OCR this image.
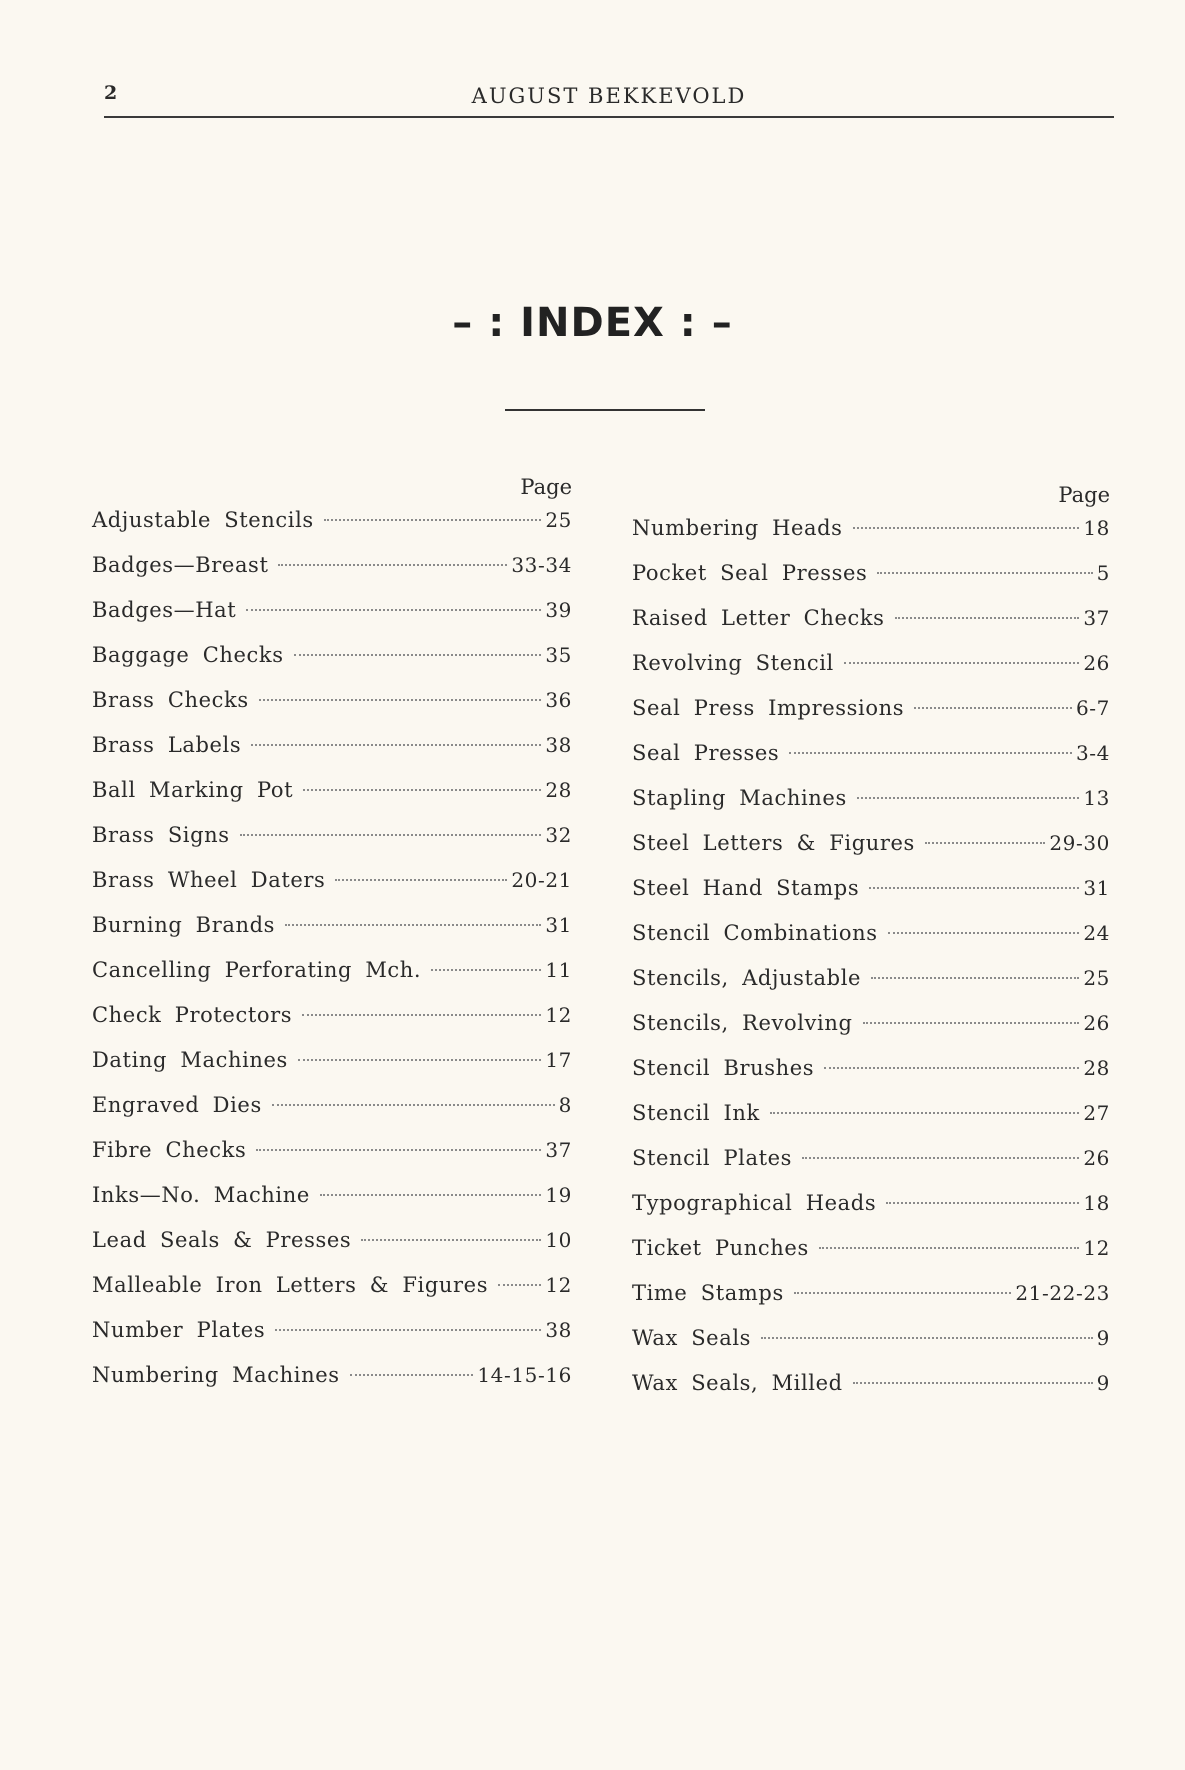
2	AUGUST BEKKEVOLD
– : INDEX : –
Page
Adjustable Stencils	25
Badges—Breast	33-34
Badges—Hat	39
Baggage Checks	35
Brass Checks	36
Brass Labels	38
Ball Marking Pot	28
Brass Signs	32
Brass Wheel Daters	20-21
Burning Brands	31
Cancelling Perforating Mch.	11
Check Protectors	12
Dating Machines	17
Engraved Dies	8
Fibre Checks	37
Inks—No. Machine	19
Lead Seals & Presses	10
Malleable Iron Letters & Figures	12
Number Plates	38
Numbering Machines	14-15-16
Page
Numbering Heads	18
Pocket Seal Presses	5
Raised Letter Checks	37
Revolving Stencil	26
Seal Press Impressions	6-7
Seal Presses	3-4
Stapling Machines	13
Steel Letters & Figures	29-30
Steel Hand Stamps	31
Stencil Combinations	24
Stencils, Adjustable	25
Stencils, Revolving	26
Stencil Brushes	28
Stencil Ink	27
Stencil Plates	26
Typographical Heads	18
Ticket Punches	12
Time Stamps	21-22-23
Wax Seals	9
Wax Seals, Milled	9
